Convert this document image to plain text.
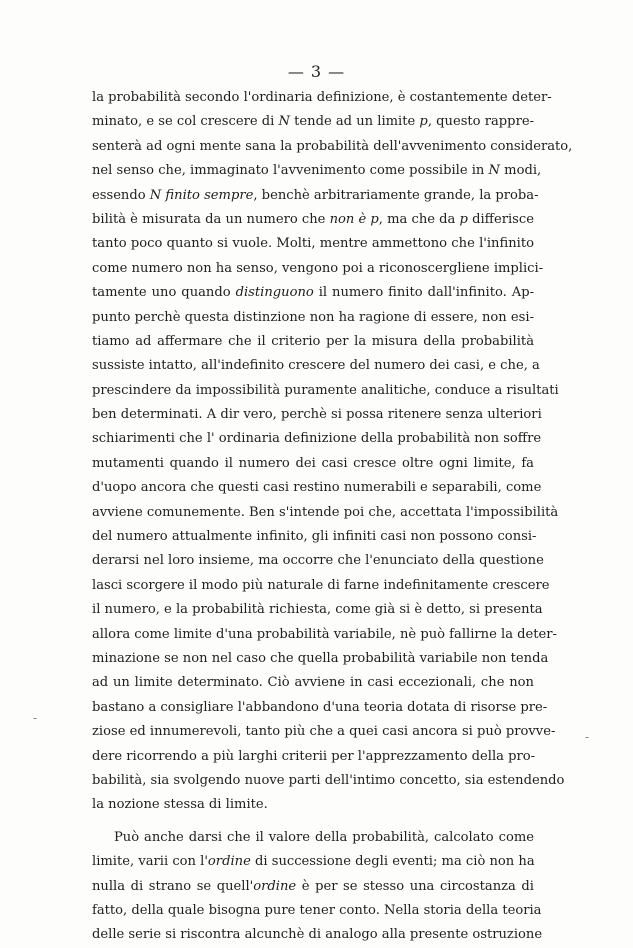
— 3 —
la probabilità secondo l'ordinaria definizione, è costantemente deter-
minato, e se col crescere di N tende ad un limite p, questo rappre-
senterà ad ogni mente sana la probabilità dell'avvenimento considerato,
nel senso che, immaginato l'avvenimento come possibile in N modi,
essendo N finito sempre, benchè arbitrariamente grande, la proba-
bilità è misurata da un numero che non è p, ma che da p differisce
tanto poco quanto si vuole. Molti, mentre ammettono che l'infinito
come numero non ha senso, vengono poi a riconoscergliene implici-
tamente uno quando distinguono il numero finito dall'infinito. Ap-
punto perchè questa distinzione non ha ragione di essere, non esi-
tiamo ad affermare che il criterio per la misura della probabilità
sussiste intatto, all'indefinito crescere del numero dei casi, e che, a
prescindere da impossibilità puramente analitiche, conduce a risultati
ben determinati. A dir vero, perchè si possa ritenere senza ulteriori
schiarimenti che l' ordinaria definizione della probabilità non soffre
mutamenti quando il numero dei casi cresce oltre ogni limite, fa
d'uopo ancora che questi casi restino numerabili e separabili, come
avviene comunemente. Ben s'intende poi che, accettata l'impossibilità
del numero attualmente infinito, gli infiniti casi non possono consi-
derarsi nel loro insieme, ma occorre che l'enunciato della questione
lasci scorgere il modo più naturale di farne indefinitamente crescere
il numero, e la probabilità richiesta, come già si è detto, si presenta
allora come limite d'una probabilità variabile, nè può fallirne la deter-
minazione se non nel caso che quella probabilità variabile non tenda
ad un limite determinato. Ciò avviene in casi eccezionali, che non
bastano a consigliare l'abbandono d'una teoria dotata di risorse pre-
ziose ed innumerevoli, tanto più che a quei casi ancora si può provve-
dere ricorrendo a più larghi criterii per l'apprezzamento della pro-
babilità, sia svolgendo nuove parti dell'intimo concetto, sia estendendo
la nozione stessa di limite.
Può anche darsi che il valore della probabilità, calcolato come
limite, varii con l'ordine di successione degli eventi; ma ciò non ha
nulla di strano se quell'ordine è per se stesso una circostanza di
fatto, della quale bisogna pure tener conto. Nella storia della teoria
delle serie si riscontra alcunchè di analogo alla presente ostruzione
-
-
